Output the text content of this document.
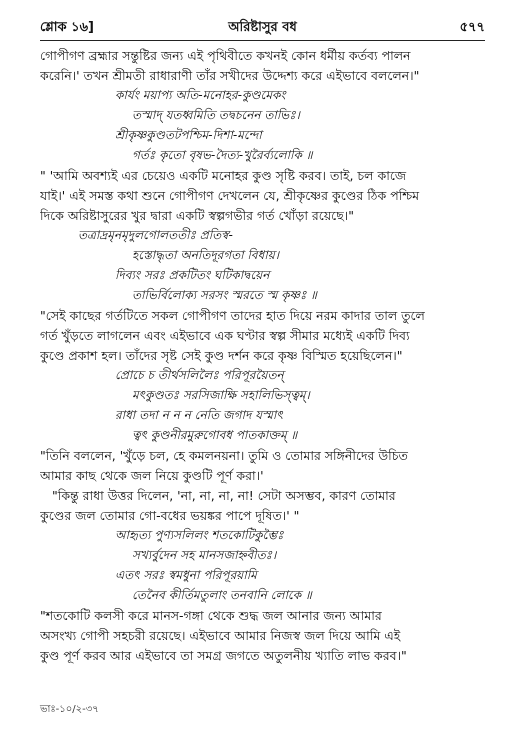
শ্লোক ১৬]	অরিষ্টাসুর বধ	৫৭৭
গোপীগণ ব্রহ্মার সন্তুষ্টির জন্য এই পৃথিবীতে কখনই কোন ধর্মীয় কর্তব্য পালন
করেনি।' তখন শ্রীমতী রাধারাণী তাঁর সখীদের উদ্দেশ্য করে এইভাবে বললেন।"
কার্যং ময়াপ্য অতি-মনোহর-কুণ্ডমেকং
তস্মাদ্ যতধ্বমিতি তদ্বচনেন তাভিঃ।
শ্রীকৃষ্ণকুণ্ডতটপশ্চিম-দিশা-মন্দো
গর্তঃ কৃতো বৃষভ-দৈত্য-খুরৈর্ব্যলোকি ॥
" 'আমি অবশ্যই এর চেয়েও একটি মনোহর কুণ্ড সৃষ্টি করব। তাই, চল কাজে
যাই।' এই সমস্ত কথা শুনে গোপীগণ দেখলেন যে, শ্রীকৃষ্ণের কুণ্ডের ঠিক পশ্চিম
দিকে অরিষ্টাসুরের খুর দ্বারা একটি স্বল্পগভীর গর্ত খোঁড়া রয়েছে।"
তত্রাদ্রমৃনমৃদুলগোলততীঃ প্রতিস্ব-
হস্তোদ্ধৃতা অনতিদূরগতা বিধায়।
দিব্যং সরঃ প্রকটিতং ঘটিকাদ্বয়েন
তাভির্বিলোক্য সরসং স্মরতে স্ম কৃষ্ণঃ ॥
"সেই কাছের গর্তটিতে সকল গোপীগণ তাদের হাত দিয়ে নরম কাদার তাল তুলে
গর্ত খুঁড়তে লাগলেন এবং এইভাবে এক ঘণ্টার স্বল্প সীমার মধ্যেই একটি দিব্য
কুণ্ডে প্রকাশ হল। তাঁদের সৃষ্ট সেই কুণ্ড দর্শন করে কৃষ্ণ বিস্মিত হয়েছিলেন।"
প্রোচে চ তীর্থসলিলৈঃ পরিপূরয়ৈতন্
মৎকুণ্ডতঃ সরসিজাক্ষি সহালিভিস্ত্বম্।
রাধা তদা ন ন ন নেতি জগাদ যস্মাৎ
ত্বৎ কুণ্ডনীরমুরুগোবধ পাতকাক্তম্ ॥
"তিনি বললেন, 'খুঁড়ে চল, হে কমলনয়না। তুমি ও তোমার সঙ্গিনীদের উচিত
আমার কাছ থেকে জল নিয়ে কুণ্ডটি পূর্ণ করা।'
"কিন্তু রাধা উত্তর দিলেন, 'না, না, না, না! সেটা অসম্ভব, কারণ তোমার
কুণ্ডের জল তোমার গো-বধের ভয়ঙ্কর পাপে দূষিত।' "
আহৃত্য পুণ্যসলিলং শতকোটিকুম্ভৈঃ
সখ্যর্বুদেন সহ মানসজাহ্নবীতঃ।
এতৎ সরঃ স্বমধুনা পরিপূরয়ামি
তেনৈব কীর্তিমতুলাং তনবানি লোকে ॥
"শতকোটি কলসী করে মানস-গঙ্গা থেকে শুদ্ধ জল আনার জন্য আমার
অসংখ্য গোপী সহচরী রয়েছে। এইভাবে আমার নিজস্ব জল দিয়ে আমি এই
কুণ্ড পূর্ণ করব আর এইভাবে তা সমগ্র জগতে অতুলনীয় খ্যাতি লাভ করব।"
ভাঃ-১০/২-৩৭
